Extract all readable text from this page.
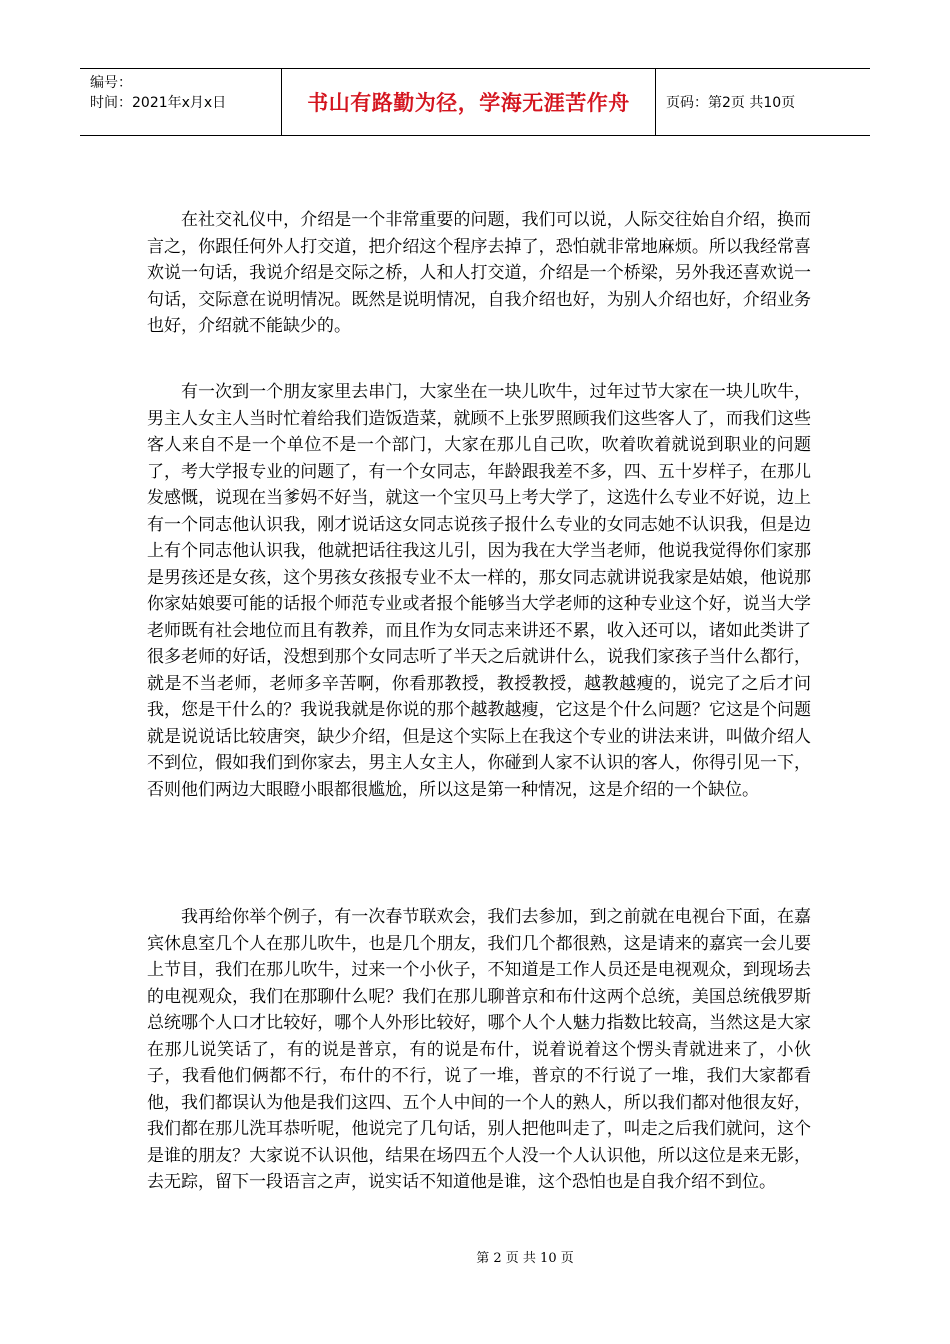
编号：
时间：2021年x月x日	书山有路勤为径，学海无涯苦作舟	页码：第2页 共10页

在社交礼仪中，介绍是一个非常重要的问题，我们可以说，人际交往始自介绍，换而言之，你跟任何外人打交道，把介绍这个程序去掉了，恐怕就非常地麻烦。所以我经常喜欢说一句话，我说介绍是交际之桥，人和人打交道，介绍是一个桥梁，另外我还喜欢说一句话，交际意在说明情况。既然是说明情况，自我介绍也好，为别人介绍也好，介绍业务也好，介绍就不能缺少的。

有一次到一个朋友家里去串门，大家坐在一块儿吹牛，过年过节大家在一块儿吹牛，男主人女主人当时忙着给我们造饭造菜，就顾不上张罗照顾我们这些客人了，而我们这些客人来自不是一个单位不是一个部门，大家在那儿自己吹，吹着吹着就说到职业的问题了，考大学报专业的问题了，有一个女同志，年龄跟我差不多，四、五十岁样子，在那儿发感慨，说现在当爹妈不好当，就这一个宝贝马上考大学了，这选什么专业不好说，边上有一个同志他认识我，刚才说话这女同志说孩子报什么专业的女同志她不认识我，但是边上有个同志他认识我，他就把话往我这儿引，因为我在大学当老师，他说我觉得你们家那是男孩还是女孩，这个男孩女孩报专业不太一样的，那女同志就讲说我家是姑娘，他说那你家姑娘要可能的话报个师范专业或者报个能够当大学老师的这种专业这个好，说当大学老师既有社会地位而且有教养，而且作为女同志来讲还不累，收入还可以，诸如此类讲了很多老师的好话，没想到那个女同志听了半天之后就讲什么，说我们家孩子当什么都行，就是不当老师，老师多辛苦啊，你看那教授，教授教授，越教越瘦的，说完了之后才问我，您是干什么的？我说我就是你说的那个越教越瘦，它这是个什么问题？它这是个问题就是说说话比较唐突，缺少介绍，但是这个实际上在我这个专业的讲法来讲，叫做介绍人不到位，假如我们到你家去，男主人女主人，你碰到人家不认识的客人，你得引见一下，否则他们两边大眼瞪小眼都很尴尬，所以这是第一种情况，这是介绍的一个缺位。

我再给你举个例子，有一次春节联欢会，我们去参加，到之前就在电视台下面，在嘉宾休息室几个人在那儿吹牛，也是几个朋友，我们几个都很熟，这是请来的嘉宾一会儿要上节目，我们在那儿吹牛，过来一个小伙子，不知道是工作人员还是电视观众，到现场去的电视观众，我们在那聊什么呢？我们在那儿聊普京和布什这两个总统，美国总统俄罗斯总统哪个人口才比较好，哪个人外形比较好，哪个人个人魅力指数比较高，当然这是大家在那儿说笑话了，有的说是普京，有的说是布什，说着说着这个愣头青就进来了，小伙子，我看他们俩都不行，布什的不行，说了一堆，普京的不行说了一堆，我们大家都看他，我们都误认为他是我们这四、五个人中间的一个人的熟人，所以我们都对他很友好，我们都在那儿洗耳恭听呢，他说完了几句话，别人把他叫走了，叫走之后我们就问，这个是谁的朋友？大家说不认识他，结果在场四五个人没一个人认识他，所以这位是来无影，去无踪，留下一段语言之声，说实话不知道他是谁，这个恐怕也是自我介绍不到位。

第 2 页 共 10 页
